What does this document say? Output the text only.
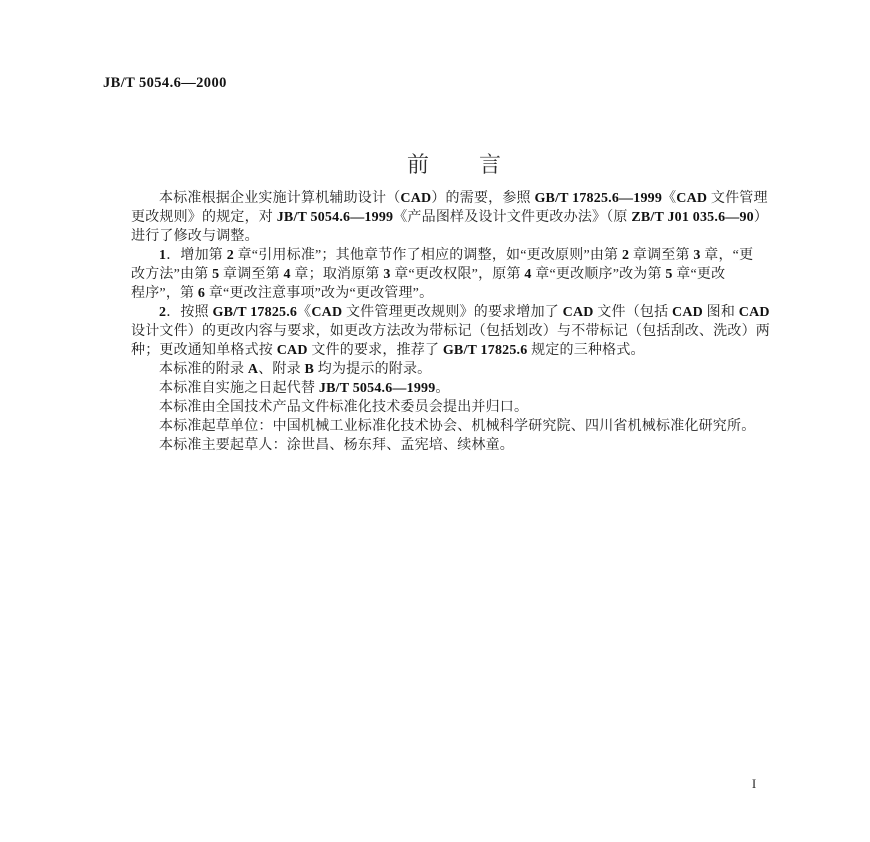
JB/T 5054.6—2000
前　　言
本标准根据企业实施计算机辅助设计（CAD）的需要，参照 GB/T 17825.6—1999《CAD 文件管理
更改规则》的规定，对 JB/T 5054.6—1999《产品图样及设计文件更改办法》（原 ZB/T J01 035.6—90）
进行了修改与调整。
1．增加第 2 章“引用标准”；其他章节作了相应的调整，如“更改原则”由第 2 章调至第 3 章，“更
改方法”由第 5 章调至第 4 章；取消原第 3 章“更改权限”，原第 4 章“更改顺序”改为第 5 章“更改
程序”，第 6 章“更改注意事项”改为“更改管理”。
2．按照 GB/T 17825.6《CAD 文件管理更改规则》的要求增加了 CAD 文件（包括 CAD 图和 CAD
设计文件）的更改内容与要求，如更改方法改为带标记（包括划改）与不带标记（包括刮改、洗改）两
种；更改通知单格式按 CAD 文件的要求，推荐了 GB/T 17825.6 规定的三种格式。
本标准的附录 A、附录 B 均为提示的附录。
本标准自实施之日起代替 JB/T 5054.6—1999。
本标准由全国技术产品文件标准化技术委员会提出并归口。
本标准起草单位：中国机械工业标准化技术协会、机械科学研究院、四川省机械标准化研究所。
本标准主要起草人：涂世昌、杨东拜、孟宪培、续林童。
I
